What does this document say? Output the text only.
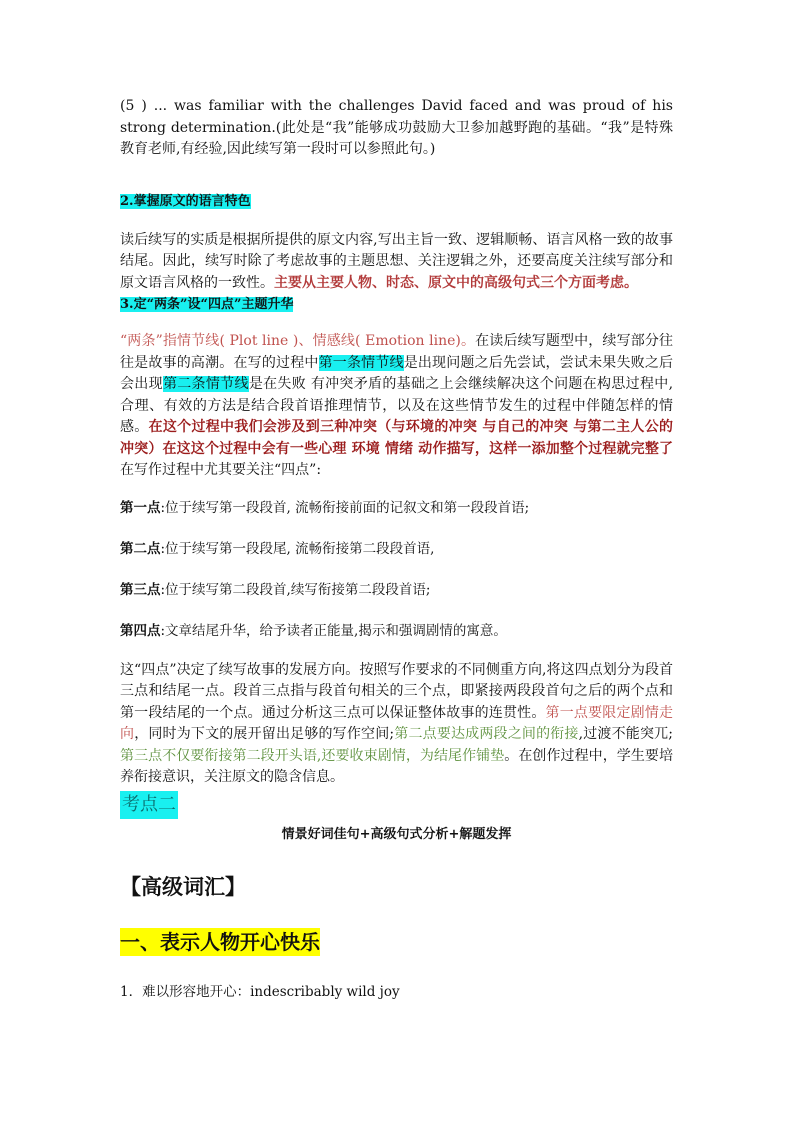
(5 ) ... was familiar with the challenges David faced and was proud of his strong determination.(此处是“我”能够成功鼓励大卫参加越野跑的基础。“我”是特殊教育老师,有经验,因此续写第一段时可以参照此句。)

2.掌握原文的语言特色

读后续写的实质是根据所提供的原文内容,写出主旨一致、逻辑顺畅、语言风格一致的故事结尾。因此，续写时除了考虑故事的主题思想、关注逻辑之外，还要高度关注续写部分和原文语言风格的一致性。主要从主要人物、时态、原文中的高级句式三个方面考虑。

3.定“两条”设“四点”主题升华

“两条”指情节线( Plot line )、情感线( Emotion line)。在读后续写题型中，续写部分往往是故事的高潮。在写的过程中第一条情节线是出现问题之后先尝试，尝试未果失败之后会出现第二条情节线是在失败 有冲突矛盾的基础之上会继续解决这个问题在构思过程中,合理、有效的方法是结合段首语推理情节，以及在这些情节发生的过程中伴随怎样的情感。在这个过程中我们会涉及到三种冲突（与环境的冲突 与自己的冲突 与第二主人公的冲突）在这这个过程中会有一些心理 环境 情绪 动作描写，这样一添加整个过程就完整了在写作过程中尤其要关注“四点”:

第一点:位于续写第一段段首, 流畅衔接前面的记叙文和第一段段首语;

第二点:位于续写第一段段尾, 流畅衔接第二段段首语,

第三点:位于续写第二段段首,续写衔接第二段段首语;

第四点:文章结尾升华，给予读者正能量,揭示和强调剧情的寓意。

这“四点”决定了续写故事的发展方向。按照写作要求的不同侧重方向,将这四点划分为段首三点和结尾一点。段首三点指与段首句相关的三个点，即紧接两段段首句之后的两个点和第一段结尾的一个点。通过分析这三点可以保证整体故事的连贯性。第一点要限定剧情走向，同时为下文的展开留出足够的写作空间;第二点要达成两段之间的衔接,过渡不能突兀;第三点不仅要衔接第二段开头语,还要收束剧情，为结尾作铺垫。在创作过程中，学生要培养衔接意识，关注原文的隐含信息。

考点二

情景好词佳句+高级句式分析+解题发挥

【高级词汇】

一、表示人物开心快乐

1．难以形容地开心：indescribably wild joy
